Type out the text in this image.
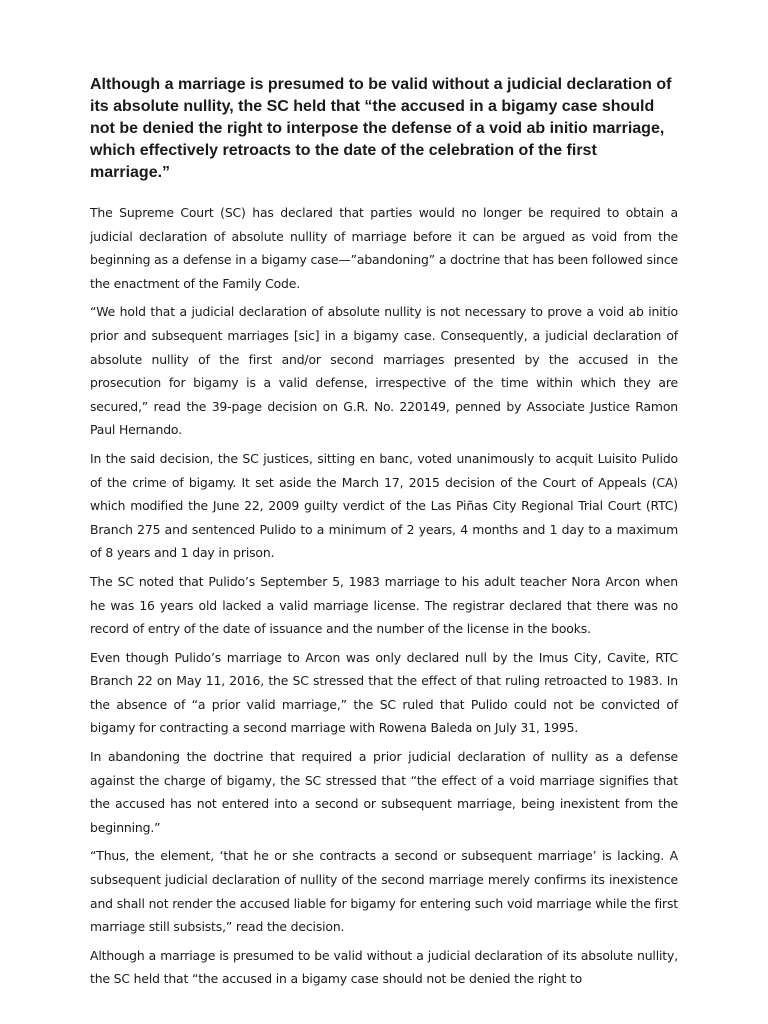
Although a marriage is presumed to be valid without a judicial declaration of its absolute nullity, the SC held that “the accused in a bigamy case should not be denied the right to interpose the defense of a void ab initio marriage, which effectively retroacts to the date of the celebration of the first marriage.”

The Supreme Court (SC) has declared that parties would no longer be required to obtain a judicial declaration of absolute nullity of marriage before it can be argued as void from the beginning as a defense in a bigamy case—”abandoning” a doctrine that has been followed since the enactment of the Family Code.

“We hold that a judicial declaration of absolute nullity is not necessary to prove a void ab initio prior and subsequent marriages [sic] in a bigamy case. Consequently, a judicial declaration of absolute nullity of the first and/or second marriages presented by the accused in the prosecution for bigamy is a valid defense, irrespective of the time within which they are secured,” read the 39-page decision on G.R. No. 220149, penned by Associate Justice Ramon Paul Hernando.

In the said decision, the SC justices, sitting en banc, voted unanimously to acquit Luisito Pulido of the crime of bigamy. It set aside the March 17, 2015 decision of the Court of Appeals (CA) which modified the June 22, 2009 guilty verdict of the Las Piñas City Regional Trial Court (RTC) Branch 275 and sentenced Pulido to a minimum of 2 years, 4 months and 1 day to a maximum of 8 years and 1 day in prison.

The SC noted that Pulido’s September 5, 1983 marriage to his adult teacher Nora Arcon when he was 16 years old lacked a valid marriage license. The registrar declared that there was no record of entry of the date of issuance and the number of the license in the books.

Even though Pulido’s marriage to Arcon was only declared null by the Imus City, Cavite, RTC Branch 22 on May 11, 2016, the SC stressed that the effect of that ruling retroacted to 1983. In the absence of “a prior valid marriage,” the SC ruled that Pulido could not be convicted of bigamy for contracting a second marriage with Rowena Baleda on July 31, 1995.

In abandoning the doctrine that required a prior judicial declaration of nullity as a defense against the charge of bigamy, the SC stressed that “the effect of a void marriage signifies that the accused has not entered into a second or subsequent marriage, being inexistent from the beginning.”

“Thus, the element, ‘that he or she contracts a second or subsequent marriage’ is lacking. A subsequent judicial declaration of nullity of the second marriage merely confirms its inexistence and shall not render the accused liable for bigamy for entering such void marriage while the first marriage still subsists,” read the decision.

Although a marriage is presumed to be valid without a judicial declaration of its absolute nullity, the SC held that “the accused in a bigamy case should not be denied the right to
